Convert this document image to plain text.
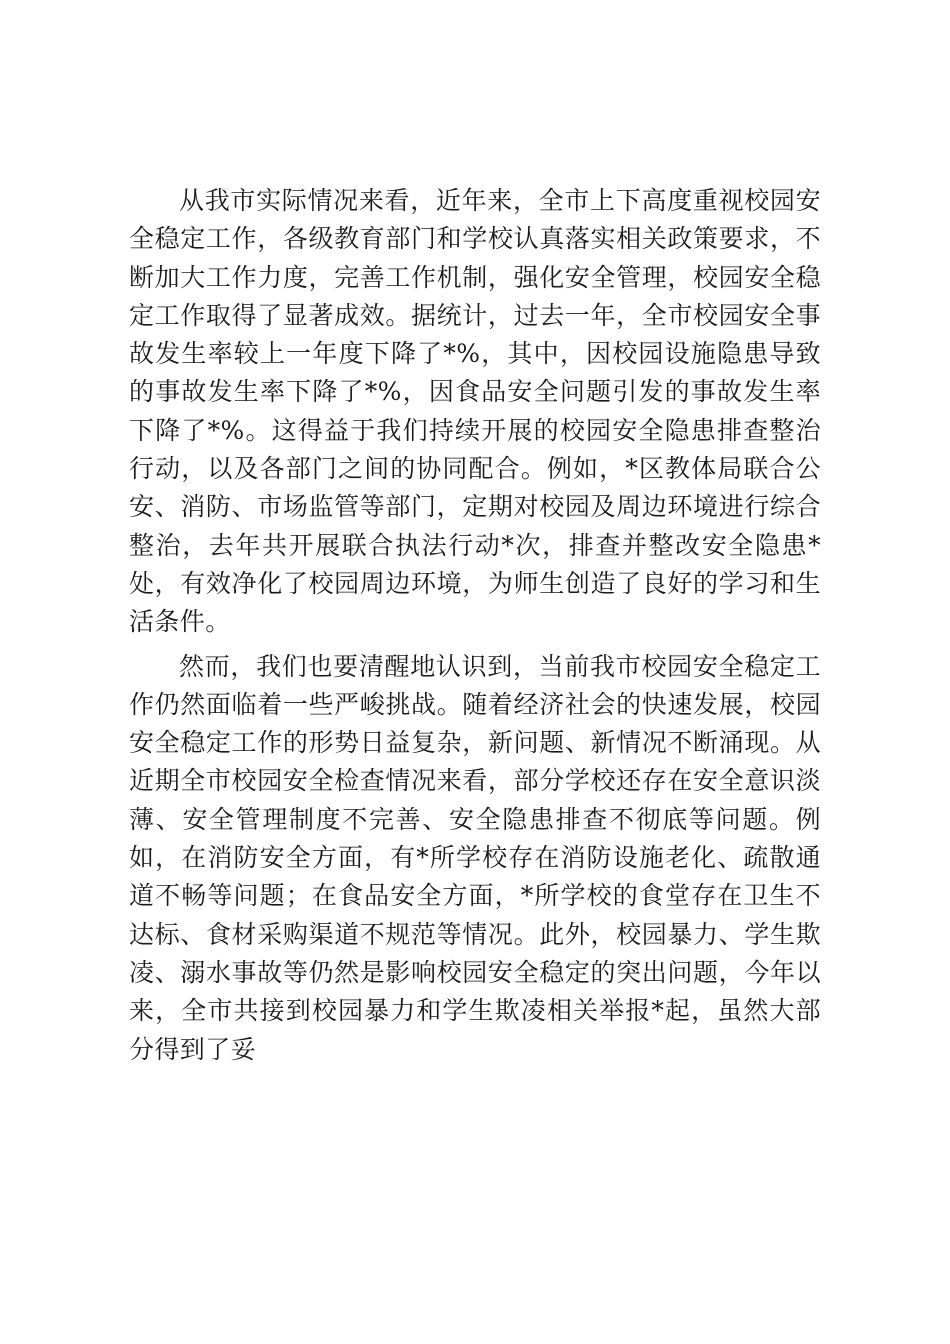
从我市实际情况来看，近年来，全市上下高度重视校园安全稳定工作，各级教育部门和学校认真落实相关政策要求，不断加大工作力度，完善工作机制，强化安全管理，校园安全稳定工作取得了显著成效。据统计，过去一年，全市校园安全事故发生率较上一年度下降了*%，其中，因校园设施隐患导致的事故发生率下降了*%，因食品安全问题引发的事故发生率下降了*%。这得益于我们持续开展的校园安全隐患排查整治行动，以及各部门之间的协同配合。例如，*区教体局联合公安、消防、市场监管等部门，定期对校园及周边环境进行综合整治，去年共开展联合执法行动*次，排查并整改安全隐患*处，有效净化了校园周边环境，为师生创造了良好的学习和生活条件。

然而，我们也要清醒地认识到，当前我市校园安全稳定工作仍然面临着一些严峻挑战。随着经济社会的快速发展，校园安全稳定工作的形势日益复杂，新问题、新情况不断涌现。从近期全市校园安全检查情况来看，部分学校还存在安全意识淡薄、安全管理制度不完善、安全隐患排查不彻底等问题。例如，在消防安全方面，有*所学校存在消防设施老化、疏散通道不畅等问题；在食品安全方面，*所学校的食堂存在卫生不达标、食材采购渠道不规范等情况。此外，校园暴力、学生欺凌、溺水事故等仍然是影响校园安全稳定的突出问题，今年以来，全市共接到校园暴力和学生欺凌相关举报*起，虽然大部分得到了妥
